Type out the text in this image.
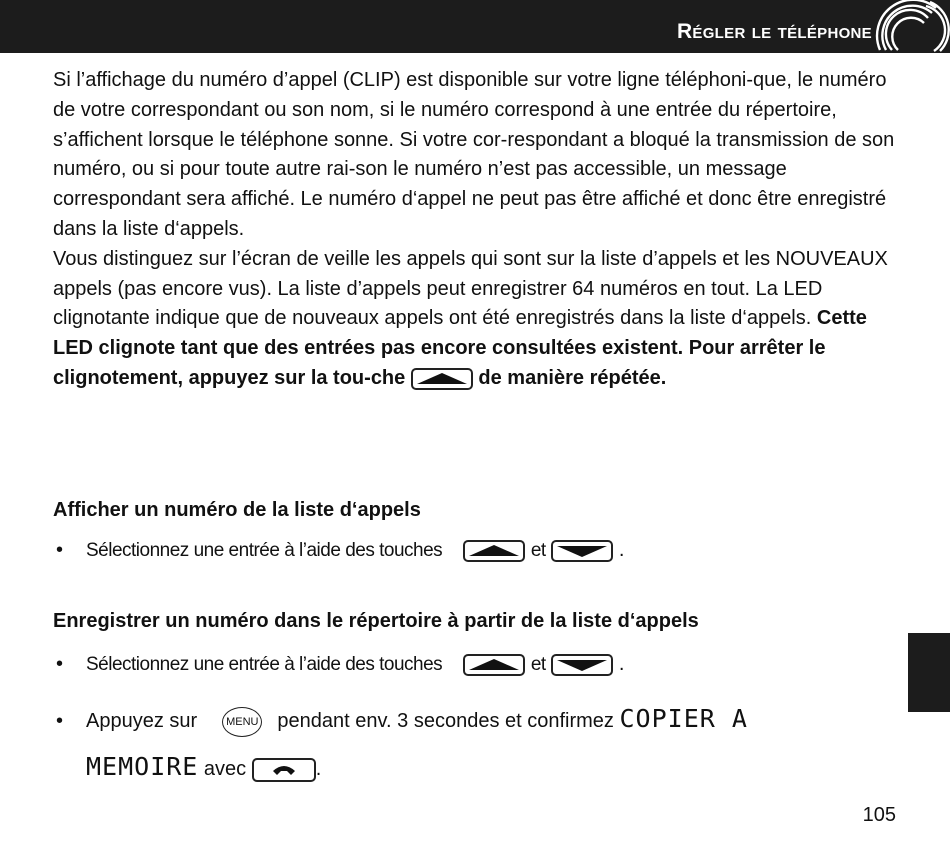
Régler le téléphone

Si l’affichage du numéro d’appel (CLIP) est disponible sur votre ligne téléphoni-que, le numéro de votre correspondant ou son nom, si le numéro correspond à une entrée du répertoire, s’affichent lorsque le téléphone sonne. Si votre cor-respondant a bloqué la transmission de son numéro, ou si pour toute autre rai-son le numéro n’est pas accessible, un message correspondant sera affiché. Le numéro d‘appel ne peut pas être affiché et donc être enregistré dans la liste d‘appels.

Vous distinguez sur l’écran de veille les appels qui sont sur la liste d’appels et les NOUVEAUX appels (pas encore vus). La liste d’appels peut enregistrer 64 numéros en tout. La LED clignotante indique que de nouveaux appels ont été enregistrés dans la liste d‘appels. Cette LED clignote tant que des entrées pas encore consultées existent. Pour arrêter le clignotement, appuyez sur la tou-che	de manière répétée.

Afficher un numéro de la liste d‘appels
• Sélectionnez une entrée à l’aide des touches	et	.
Enregistrer un numéro dans le répertoire à partir de la liste d‘appels
• Sélectionnez une entrée à l’aide des touches	et	.
• Appuyez sur	MENU pendant env. 3 secondes et confirmez COPIER A
MEMOIRE avec	.
105
